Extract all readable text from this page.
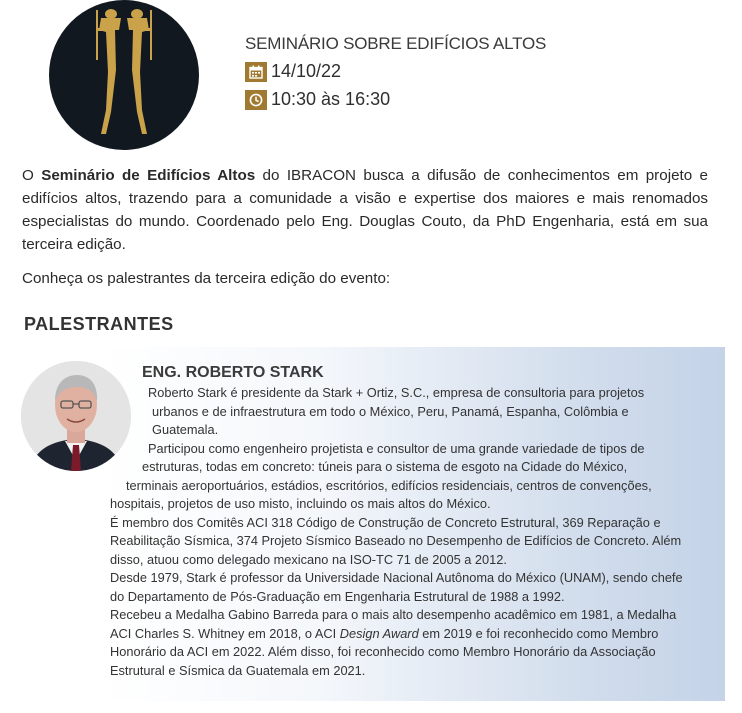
SEMINÁRIO SOBRE EDIFÍCIOS ALTOS
14/10/22
10:30 às 16:30
O Seminário de Edifícios Altos do IBRACON busca a difusão de conhecimentos em projeto e edifícios altos, trazendo para a comunidade a visão e expertise dos maiores e mais renomados especialistas do mundo. Coordenado pelo Eng. Douglas Couto, da PhD Engenharia, está em sua terceira edição.
Conheça os palestrantes da terceira edição do evento:
PALESTRANTES
ENG. ROBERTO STARK
Roberto Stark é presidente da Stark + Ortiz, S.C., empresa de consultoria para projetos
urbanos e de infraestrutura em todo o México, Peru, Panamá, Espanha, Colômbia e
Guatemala.
Participou como engenheiro projetista e consultor de uma grande variedade de tipos de
estruturas, todas em concreto: túneis para o sistema de esgoto na Cidade do México,
terminais aeroportuários, estádios, escritórios, edifícios residenciais, centros de convenções,
hospitais, projetos de uso misto, incluindo os mais altos do México.
É membro dos Comitês ACI 318 Código de Construção de Concreto Estrutural, 369 Reparação e
Reabilitação Sísmica, 374 Projeto Sísmico Baseado no Desempenho de Edifícios de Concreto. Além
disso, atuou como delegado mexicano na ISO-TC 71 de 2005 a 2012.
Desde 1979, Stark é professor da Universidade Nacional Autônoma do México (UNAM), sendo chefe
do Departamento de Pós-Graduação em Engenharia Estrutural de 1988 a 1992.
Recebeu a Medalha Gabino Barreda para o mais alto desempenho acadêmico em 1981, a Medalha
ACI Charles S. Whitney em 2018, o ACI Design Award em 2019 e foi reconhecido como Membro
Honorário da ACI em 2022. Além disso, foi reconhecido como Membro Honorário da Associação
Estrutural e Sísmica da Guatemala em 2021.
